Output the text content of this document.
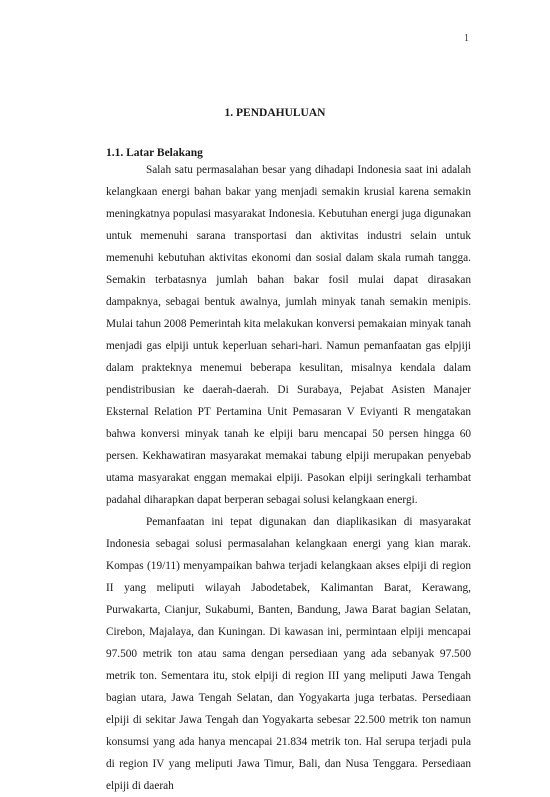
1
1. PENDAHULUAN
1.1. Latar Belakang

Salah satu permasalahan besar yang dihadapi Indonesia saat ini adalah kelangkaan energi bahan bakar yang menjadi semakin krusial karena semakin meningkatnya populasi masyarakat Indonesia. Kebutuhan energi juga digunakan untuk memenuhi sarana transportasi dan aktivitas industri selain untuk memenuhi kebutuhan aktivitas ekonomi dan sosial dalam skala rumah tangga. Semakin terbatasnya jumlah bahan bakar fosil mulai dapat dirasakan dampaknya, sebagai bentuk awalnya, jumlah minyak tanah semakin menipis. Mulai tahun 2008 Pemerintah kita melakukan konversi pemakaian minyak tanah menjadi gas elpiji untuk keperluan sehari-hari. Namun pemanfaatan gas elpjiji dalam prakteknya menemui beberapa kesulitan, misalnya kendala dalam pendistribusian ke daerah-daerah. Di Surabaya, Pejabat Asisten Manajer Eksternal Relation PT Pertamina Unit Pemasaran V Eviyanti R mengatakan bahwa konversi minyak tanah ke elpiji baru mencapai 50 persen hingga 60 persen. Kekhawatiran masyarakat memakai tabung elpiji merupakan penyebab utama masyarakat enggan memakai elpiji. Pasokan elpiji seringkali terhambat padahal diharapkan dapat berperan sebagai solusi kelangkaan energi.

Pemanfaatan ini tepat digunakan dan diaplikasikan di masyarakat Indonesia sebagai solusi permasalahan kelangkaan energi yang kian marak. Kompas (19/11) menyampaikan bahwa terjadi kelangkaan akses elpiji di region II yang meliputi wilayah Jabodetabek, Kalimantan Barat, Kerawang, Purwakarta, Cianjur, Sukabumi, Banten, Bandung, Jawa Barat bagian Selatan, Cirebon, Majalaya, dan Kuningan. Di kawasan ini, permintaan elpiji mencapai 97.500 metrik ton atau sama dengan persediaan yang ada sebanyak 97.500 metrik ton. Sementara itu, stok elpiji di region III yang meliputi Jawa Tengah bagian utara, Jawa Tengah Selatan, dan Yogyakarta juga terbatas. Persediaan elpiji di sekitar Jawa Tengah dan Yogyakarta sebesar 22.500 metrik ton namun konsumsi yang ada hanya mencapai 21.834 metrik ton. Hal serupa terjadi pula di region IV yang meliputi Jawa Timur, Bali, dan Nusa Tenggara. Persediaan elpiji di daerah
